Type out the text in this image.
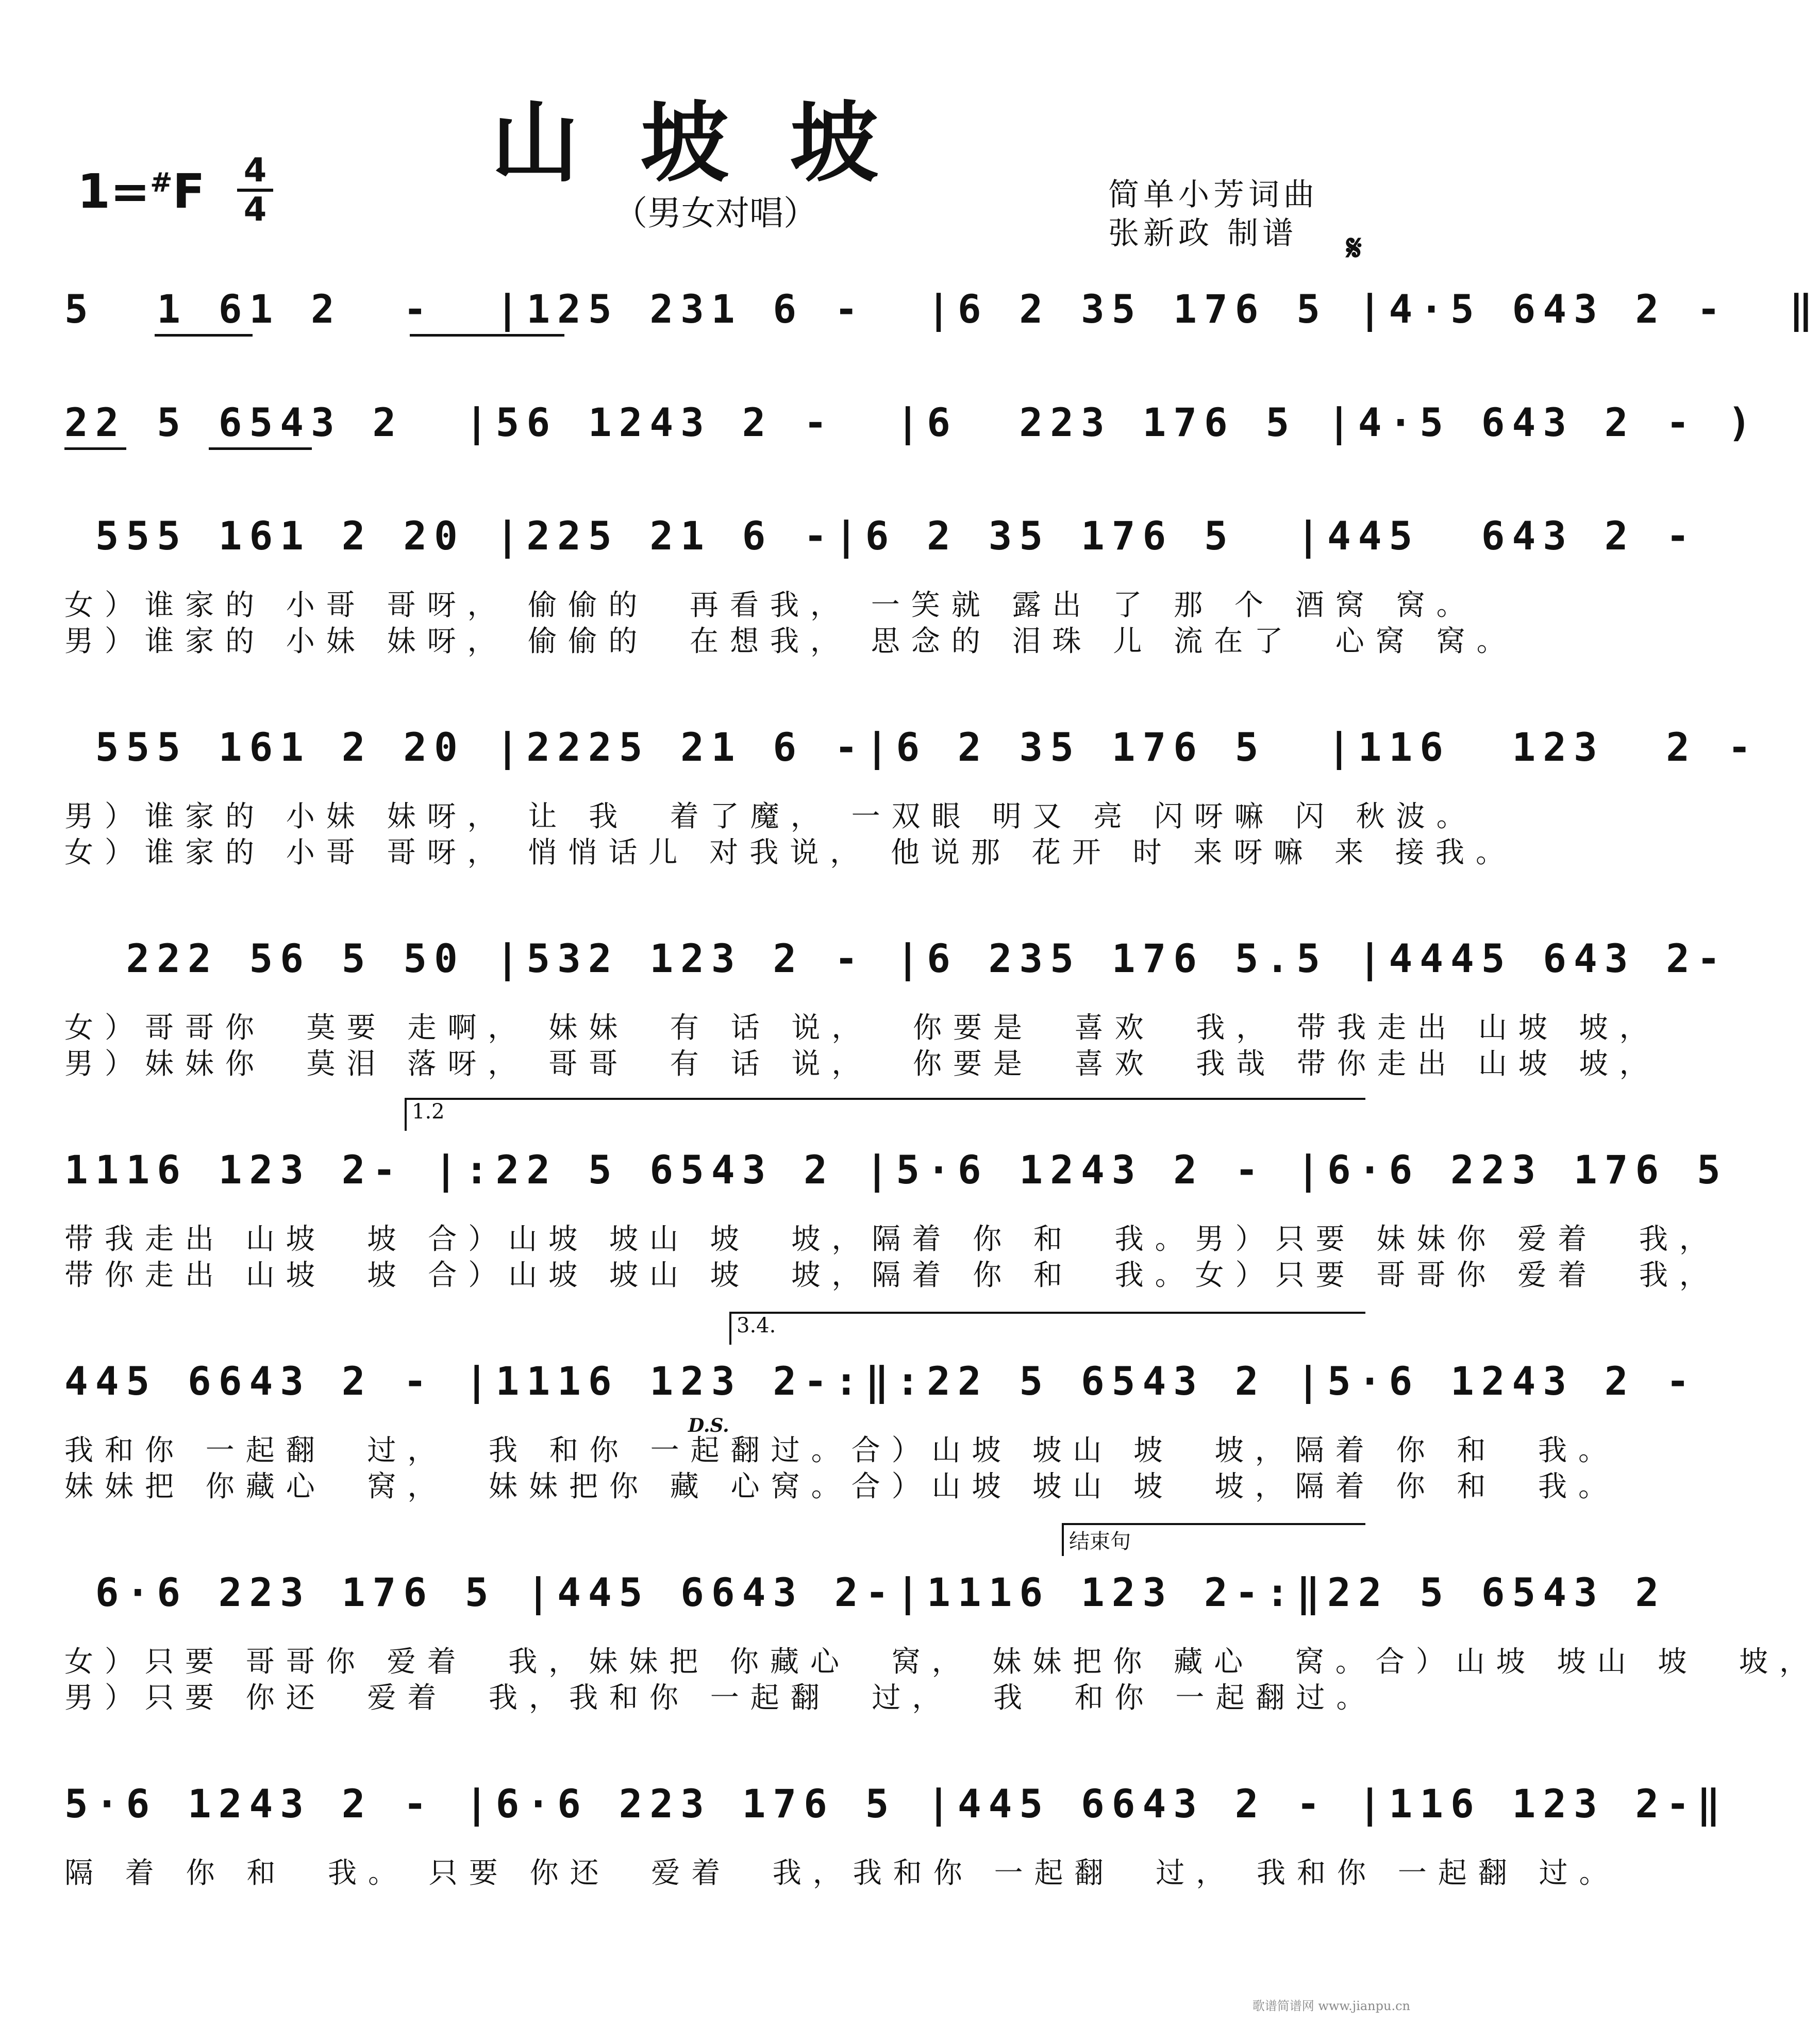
山坡坡
1=#F 4
4	（男女对唱）	简单小芳词曲
张新政 制谱 𝄋
5  1 61 2  -  |125 231 6 -  |6 2 35 176 5 |4·5 643 2 -  ‖
22 5 6543 2  |56 1243 2 -  |6  223 176 5 |4·5 643 2 - )
555 161 2 20 |225 21 6 -|6 2 35 176 5  |445  643 2 -
女）谁家的 小哥 哥呀， 偷偷的  再看我， 一笑就 露出 了 那 个 酒窝 窝。
男）谁家的 小妹 妹呀， 偷偷的  在想我， 思念的 泪珠 儿 流在了  心窝 窝。
555 161 2 20 |2225 21 6 -|6 2 35 176 5  |116  123  2 -
男）谁家的 小妹 妹呀， 让 我  着了魔， 一双眼 明又 亮 闪呀嘛 闪 秋波。
女）谁家的 小哥 哥呀， 悄悄话儿 对我说， 他说那 花开 时 来呀嘛 来 接我。
222 56 5 50 |532 123 2 - |6 235 176 5.5 |4445 643 2-
女）哥哥你  莫要 走啊， 妹妹  有 话 说，  你要是  喜欢  我， 带我走出 山坡 坡，
男）妹妹你  莫泪 落呀， 哥哥  有 话 说，  你要是  喜欢  我哉 带你走出 山坡 坡，
1.2
1116 123 2- |:22 5 6543 2 |5·6 1243 2 - |6·6 223 176 5
带我走出 山坡  坡 合）山坡 坡山 坡  坡，隔着 你 和  我。男）只要 妹妹你 爱着  我，
带你走出 山坡  坡 合）山坡 坡山 坡  坡，隔着 你 和  我。女）只要 哥哥你 爱着  我，
3.4.
445 6643 2 - |1116 123 2-:‖:22 5 6543 2 |5·6 1243 2 -
D.S.
我和你 一起翻  过，  我 和你 一起翻过。合）山坡 坡山 坡  坡，隔着 你 和  我。
妹妹把 你藏心  窝，  妹妹把你 藏 心窝。合）山坡 坡山 坡  坡，隔着 你 和  我。
结束句
6·6 223 176 5 |445 6643 2-|1116 123 2-:‖22 5 6543 2
女）只要 哥哥你 爱着  我，妹妹把 你藏心  窝， 妹妹把你 藏心  窝。合）山坡 坡山 坡  坡，
男）只要 你还  爱着  我，我和你 一起翻  过，  我  和你 一起翻过。
5·6 1243 2 - |6·6 223 176 5 |445 6643 2 - |116 123 2-‖
隔 着 你 和  我。 只要 你还  爱着  我，我和你 一起翻  过， 我和你 一起翻 过。
歌谱简谱网 www.jianpu.cn
